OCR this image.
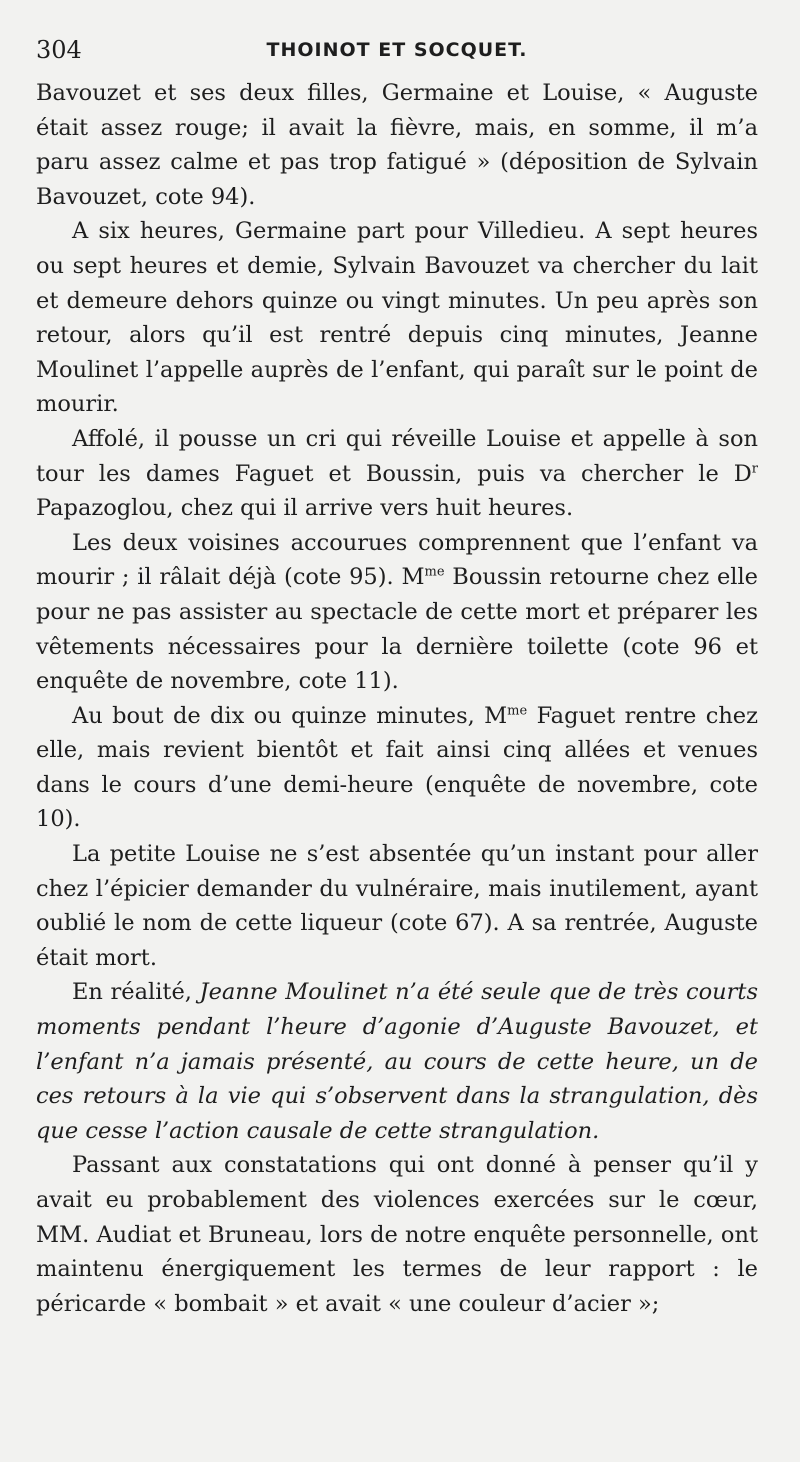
304	THOINOT ET SOCQUET.

Bavouzet et ses deux filles, Germaine et Louise, « Auguste était assez rouge; il avait la fièvre, mais, en somme, il m’a paru assez calme et pas trop fatigué » (déposition de Sylvain Bavouzet, cote 94).

A six heures, Germaine part pour Villedieu. A sept heures ou sept heures et demie, Sylvain Bavouzet va chercher du lait et demeure dehors quinze ou vingt minutes. Un peu après son retour, alors qu’il est rentré depuis cinq minutes, Jeanne Moulinet l’appelle auprès de l’enfant, qui paraît sur le point de mourir.

Affolé, il pousse un cri qui réveille Louise et appelle à son tour les dames Faguet et Boussin, puis va chercher le $D^r$ Papazoglou, chez qui il arrive vers huit heures.

Les deux voisines accourues comprennent que l’enfant va mourir ; il râlait déjà (cote 95). $M^{me}$ Boussin retourne chez elle pour ne pas assister au spectacle de cette mort et préparer les vêtements nécessaires pour la dernière toilette (cote 96 et enquête de novembre, cote 11).

Au bout de dix ou quinze minutes, $M^{me}$ Faguet rentre chez elle, mais revient bientôt et fait ainsi cinq allées et venues dans le cours d’une demi-heure (enquête de novembre, cote 10).

La petite Louise ne s’est absentée qu’un instant pour aller chez l’épicier demander du vulnéraire, mais inutilement, ayant oublié le nom de cette liqueur (cote 67). A sa rentrée, Auguste était mort.

En réalité, Jeanne Moulinet n’a été seule que de très courts moments pendant l’heure d’agonie d’Auguste Bavouzet, et l’enfant n’a jamais présenté, au cours de cette heure, un de ces retours à la vie qui s’observent dans la strangulation, dès que cesse l’action causale de cette strangulation.

Passant aux constatations qui ont donné à penser qu’il y avait eu probablement des violences exercées sur le cœur, MM. Audiat et Bruneau, lors de notre enquête personnelle, ont maintenu énergiquement les termes de leur rapport : le péricarde « bombait » et avait « une couleur d’acier »;
